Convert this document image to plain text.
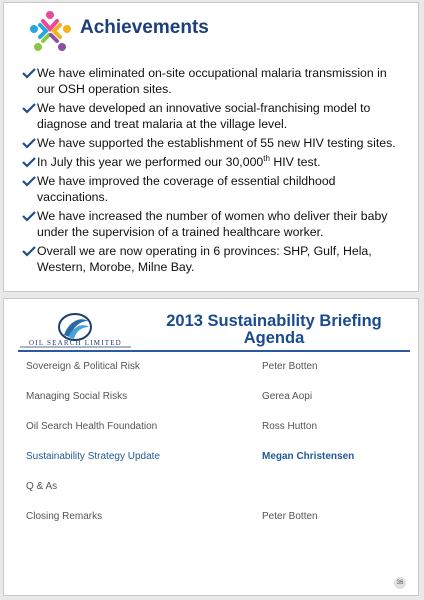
Achievements
We have eliminated on-site occupational malaria transmission in our OSH operation sites.
We have developed an innovative social-franchising model to diagnose and treat malaria at the village level.
We have supported the establishment of 55 new HIV testing sites.
In July this year we performed our 30,000th HIV test.
We have improved the coverage of essential childhood vaccinations.
We have increased the number of women who deliver their baby under the supervision of a trained healthcare worker.
Overall we are now operating in 6 provinces: SHP, Gulf, Hela, Western, Morobe, Milne Bay.
OIL SEARCH LIMITED
2013 Sustainability Briefing
Agenda
Sovereign & Political Risk	Peter Botten
Managing Social Risks	Gerea Aopi
Oil Search Health Foundation	Ross Hutton
Sustainability Strategy Update	Megan Christensen
Q & As
Closing Remarks	Peter Botten
36
